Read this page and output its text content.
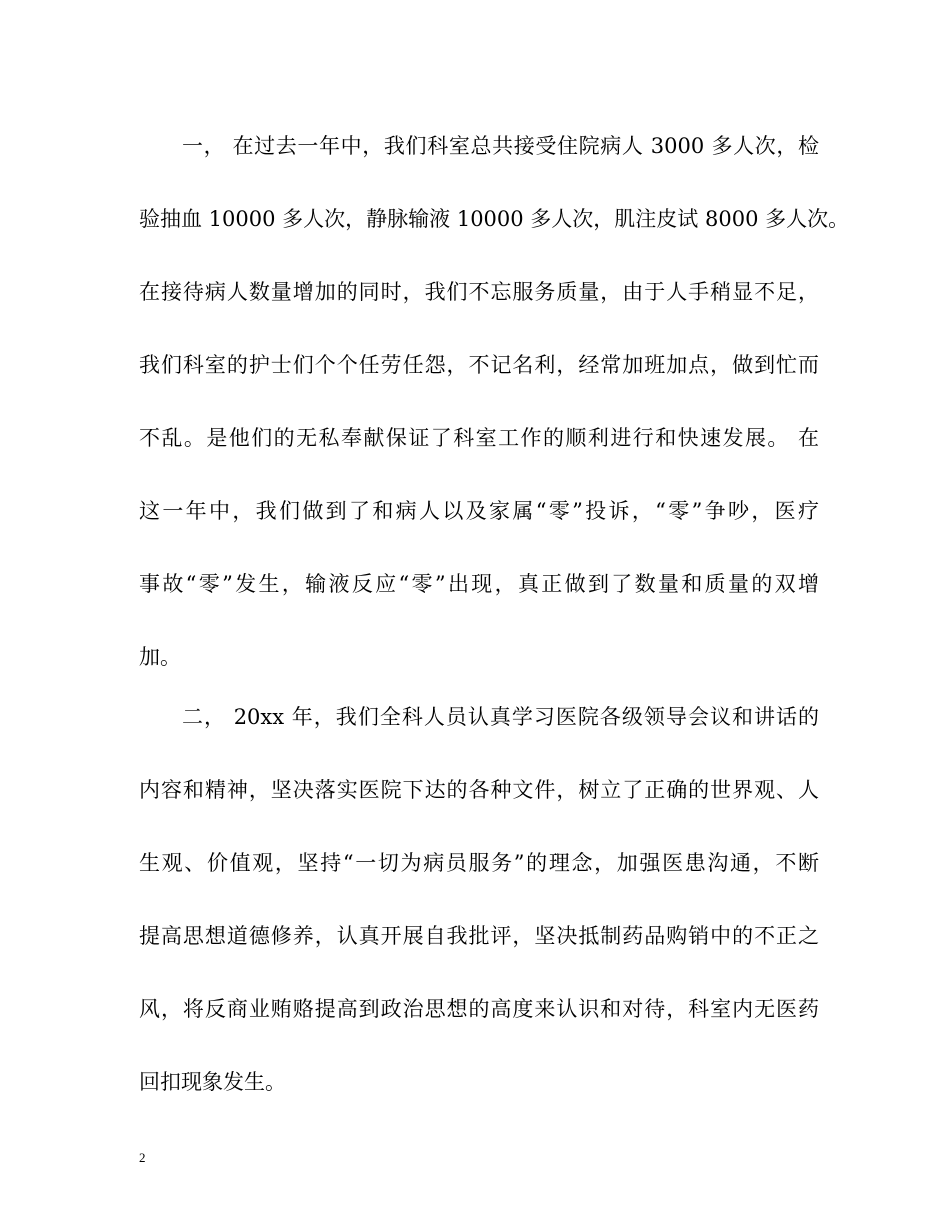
一， 在过去一年中，我们科室总共接受住院病人 3000 多人次，检
验抽血 10000 多人次，静脉输液 10000 多人次，肌注皮试 8000 多人次。
在接待病人数量增加的同时，我们不忘服务质量，由于人手稍显不足，
我们科室的护士们个个任劳任怨，不记名利，经常加班加点，做到忙而
不乱。是他们的无私奉献保证了科室工作的顺利进行和快速发展。 在
这一年中，我们做到了和病人以及家属“零”投诉，“零”争吵，医疗
事故“零”发生，输液反应“零”出现，真正做到了数量和质量的双增
加。
二， 20xx 年，我们全科人员认真学习医院各级领导会议和讲话的
内容和精神，坚决落实医院下达的各种文件，树立了正确的世界观、人
生观、价值观，坚持“一切为病员服务”的理念，加强医患沟通，不断
提高思想道德修养，认真开展自我批评，坚决抵制药品购销中的不正之
风，将反商业贿赂提高到政治思想的高度来认识和对待，科室内无医药
回扣现象发生。
2
